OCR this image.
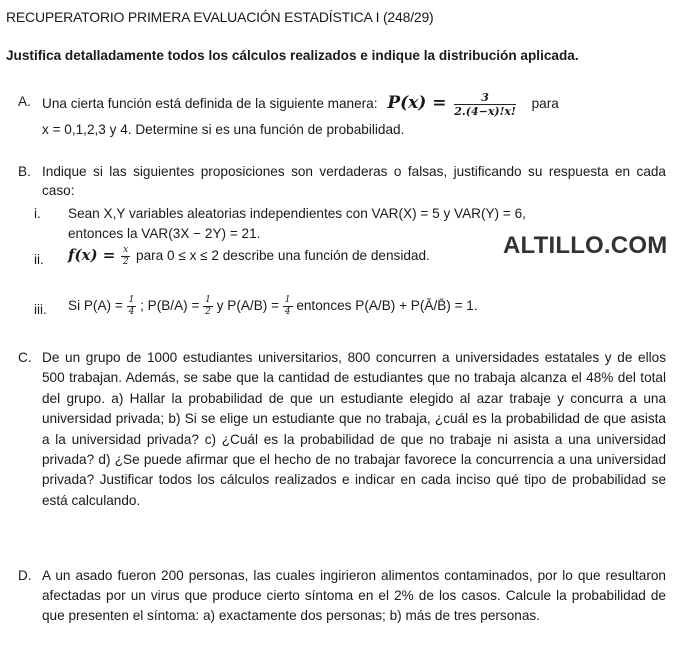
RECUPERATORIO PRIMERA EVALUACIÓN ESTADÍSTICA I (248/29)
Justifica detalladamente todos los cálculos realizados e indique la distribución aplicada.
A. Una cierta función está definida de la siguiente manera: $P(x) = \frac{3}{2.(4-x)!x!}$ para
x = 0,1,2,3 y 4. Determine si es una función de probabilidad.
B. Indique si las siguientes proposiciones son verdaderas o falsas, justificando su respuesta en cada caso:
i.	Sean X,Y variables aleatorias independientes con VAR(X) = 5 y VAR(Y) = 6,
entonces la VAR(3X − 2Y) = 21.
ii.	$f(x) = \frac{x}{2}$ para 0 ≤ x ≤ 2 describe una función de densidad.	ALTILLO.COM
iii.	Si $P(A) = \frac{1}{4}$ ; $P(B/A) = \frac{1}{2}$ y $P(A/B) = \frac{1}{4}$ entonces P(A/B) + P(Ā/B̄) = 1.
C. De un grupo de 1000 estudiantes universitarios, 800 concurren a universidades estatales y de ellos 500 trabajan. Además, se sabe que la cantidad de estudiantes que no trabaja alcanza el 48% del total del grupo. a) Hallar la probabilidad de que un estudiante elegido al azar trabaje y concurra a una universidad privada; b) Si se elige un estudiante que no trabaja, ¿cuál es la probabilidad de que asista a la universidad privada? c) ¿Cuál es la probabilidad de que no trabaje ni asista a una universidad privada? d) ¿Se puede afirmar que el hecho de no trabajar favorece la concurrencia a una universidad privada? Justificar todos los cálculos realizados e indicar en cada inciso qué tipo de probabilidad se está calculando.
D. A un asado fueron 200 personas, las cuales ingirieron alimentos contaminados, por lo que resultaron afectadas por un virus que produce cierto síntoma en el 2% de los casos. Calcule la probabilidad de que presenten el síntoma: a) exactamente dos personas; b) más de tres personas.
